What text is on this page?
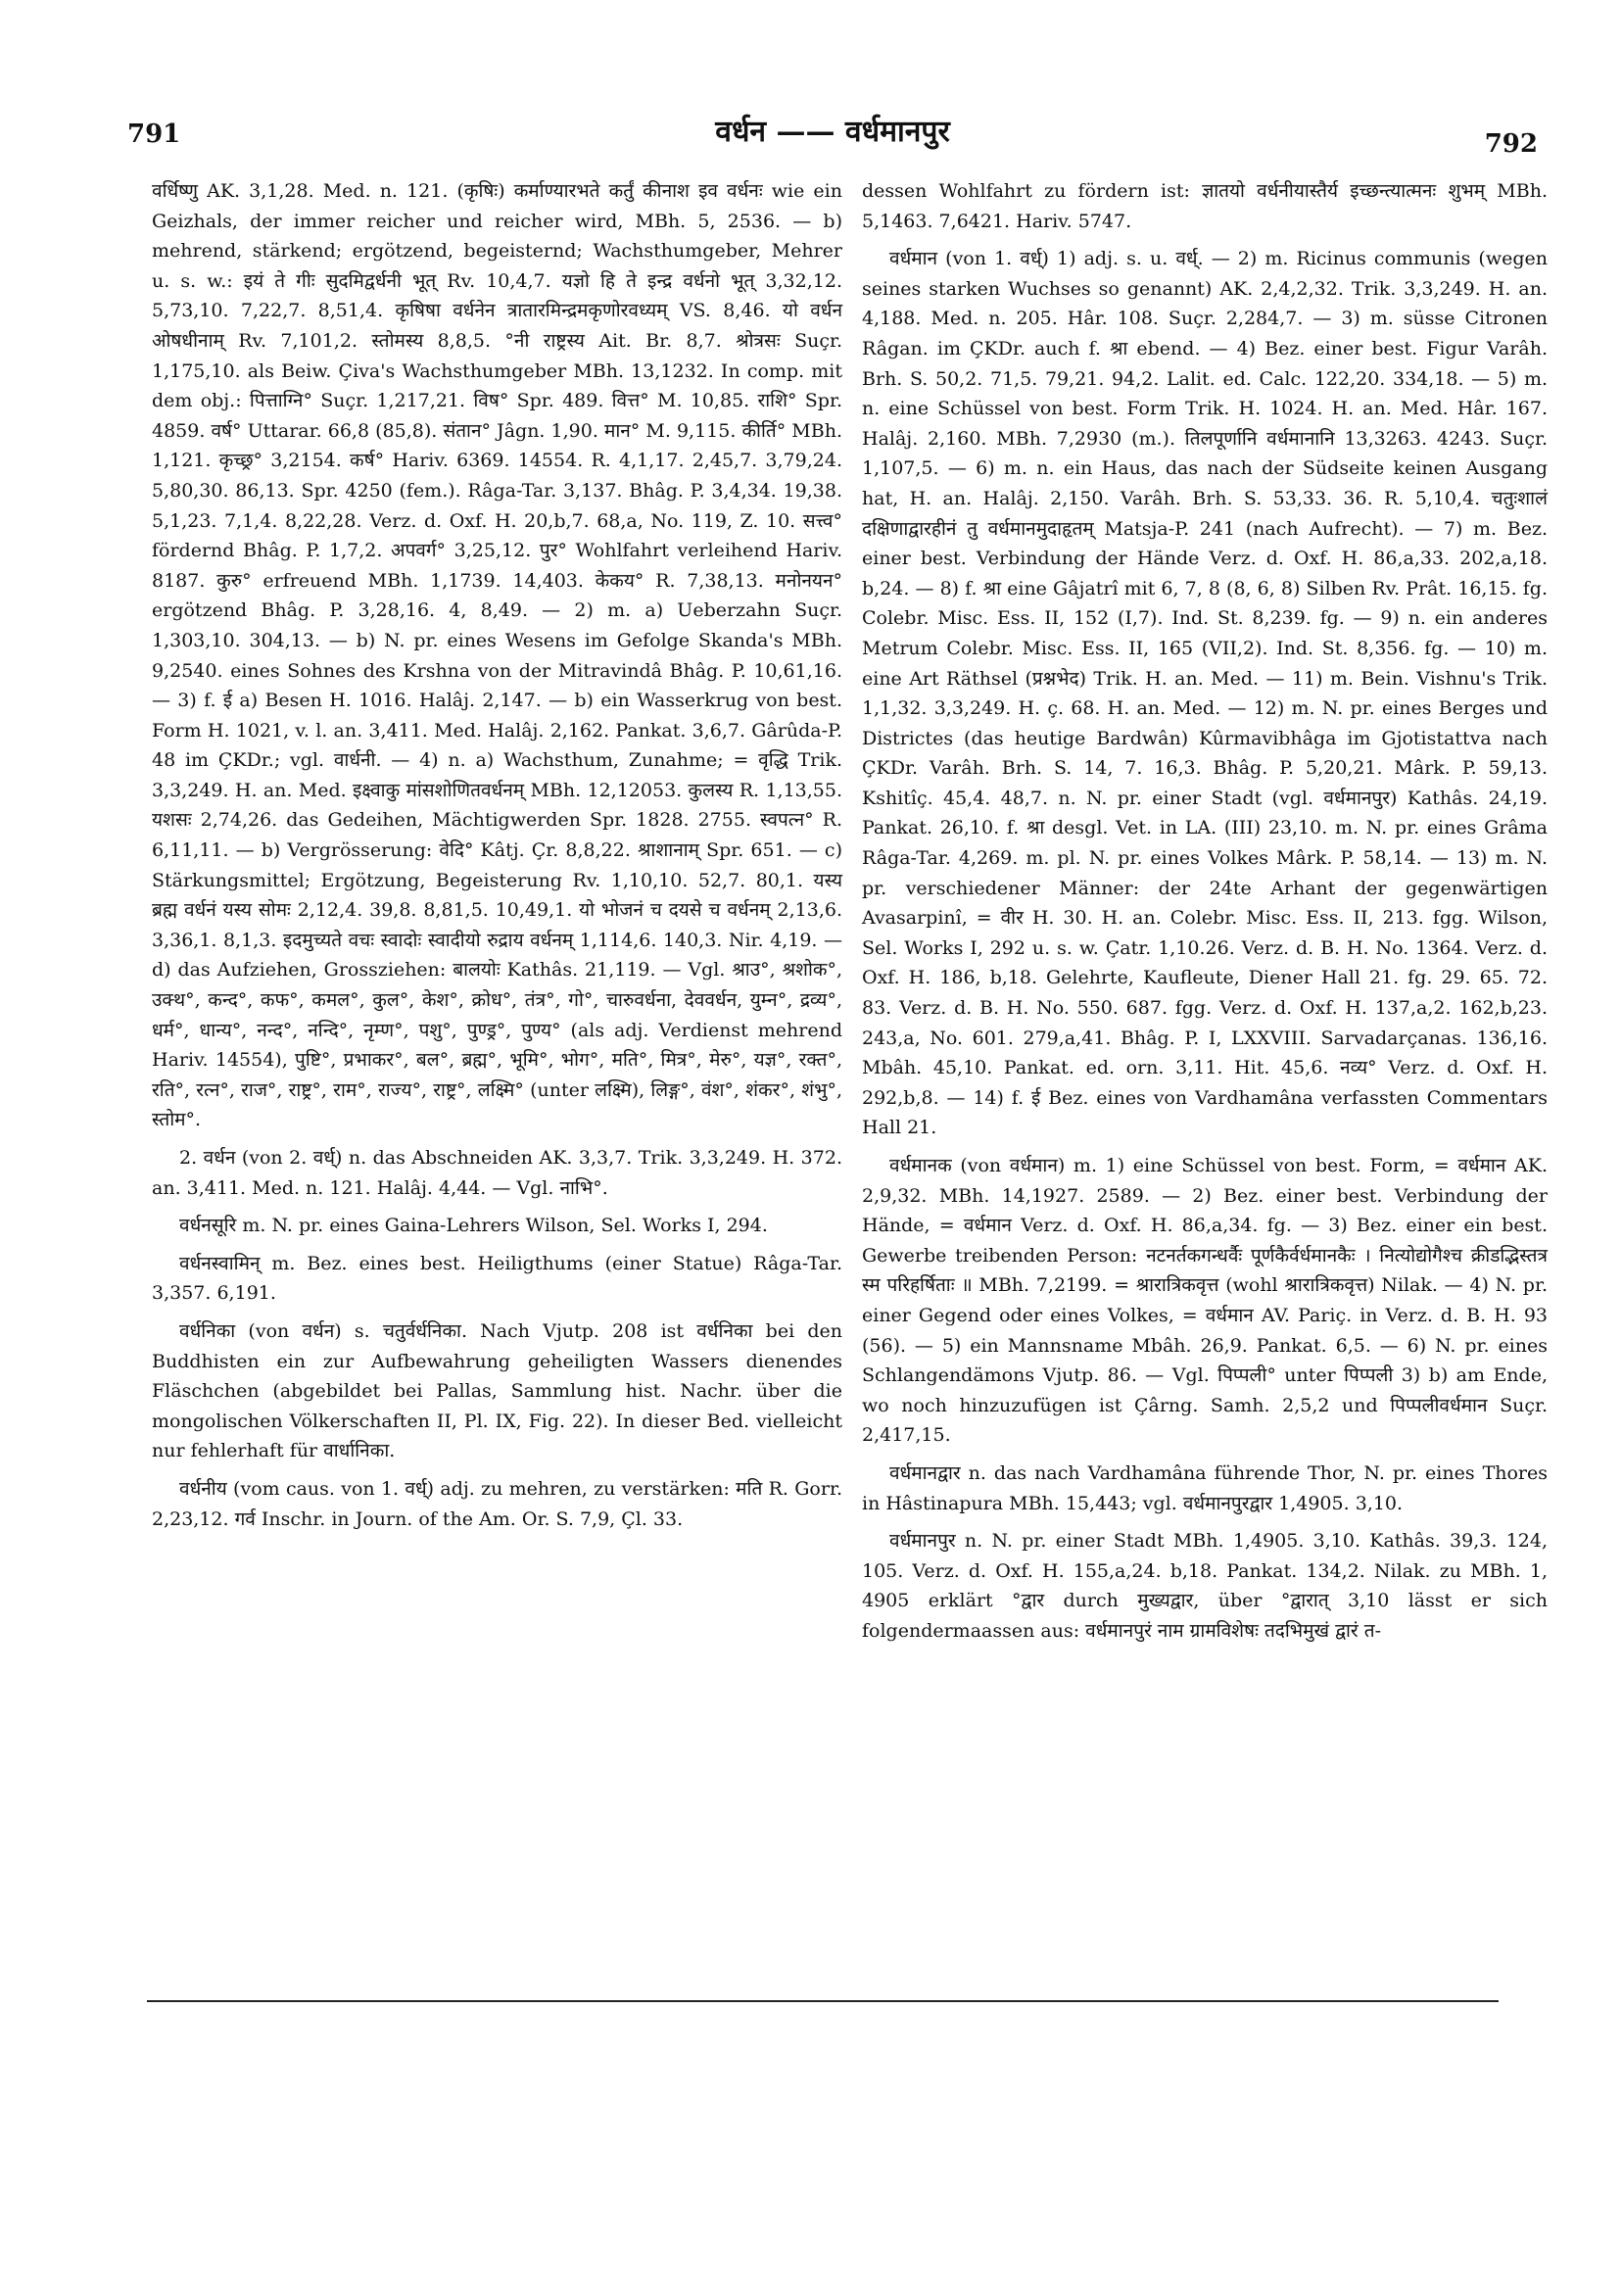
791	वर्धन —— वर्धमानपुर	792

वर्धिष्णु AK. 3,1,28. Med. n. 121. (कृषिः) कर्माण्यारभते कर्तुं कीनाश इव वर्धनः wie ein Geizhals, der immer reicher und reicher wird, MBh. 5, 2536. — b) mehrend, stärkend; ergötzend, begeisternd; Wachsthumgeber, Mehrer u. s. w.: इयं ते गीः सुदमिद्वर्धनी भूत् Rv. 10,4,7. यज्ञो हि ते इन्द्र वर्धनो भूत् 3,32,12. 5,73,10. 7,22,7. 8,51,4. कृषिषा वर्धनेन त्रातारमिन्द्रमकृणोरवध्यम् VS. 8,46. यो वर्धन ओषधीनाम् Rv. 7,101,2. स्तोमस्य 8,8,5. °नी राष्ट्रस्य Ait. Br. 8,7. श्रोत्रसः Suçr. 1,175,10. als Beiw. Çiva's Wachsthumgeber MBh. 13,1232. In comp. mit dem obj.: पित्ताग्नि° Suçr. 1,217,21. विष° Spr. 489. वित्त° M. 10,85. राशि° Spr. 4859. वर्ष° Uttarar. 66,8 (85,8). संतान° Jâgn. 1,90. मान° M. 9,115. कीर्ति° MBh. 1,121. कृच्छ्र° 3,2154. कर्ष° Hariv. 6369. 14554. R. 4,1,17. 2,45,7. 3,79,24. 5,80,30. 86,13. Spr. 4250 (fem.). Râga-Tar. 3,137. Bhâg. P. 3,4,34. 19,38. 5,1,23. 7,1,4. 8,22,28. Verz. d. Oxf. H. 20,b,7. 68,a, No. 119, Z. 10. सत्त्व° fördernd Bhâg. P. 1,7,2. अपवर्ग° 3,25,12. पुर° Wohlfahrt verleihend Hariv. 8187. कुरु° erfreuend MBh. 1,1739. 14,403. केकय° R. 7,38,13. मनोनयन° ergötzend Bhâg. P. 3,28,16. 4, 8,49. — 2) m. a) Ueberzahn Suçr. 1,303,10. 304,13. — b) N. pr. eines Wesens im Gefolge Skanda's MBh. 9,2540. eines Sohnes des Krshna von der Mitravindâ Bhâg. P. 10,61,16. — 3) f. ई a) Besen H. 1016. Halâj. 2,147. — b) ein Wasserkrug von best. Form H. 1021, v. l. an. 3,411. Med. Halâj. 2,162. Pankat. 3,6,7. Gârûda-P. 48 im ÇKDr.; vgl. वार्धनी. — 4) n. a) Wachsthum, Zunahme; = वृद्धि Trik. 3,3,249. H. an. Med. इक्ष्वाकु मांसशोणितवर्धनम् MBh. 12,12053. कुलस्य R. 1,13,55. यशसः 2,74,26. das Gedeihen, Mächtigwerden Spr. 1828. 2755. स्वपत्न° R. 6,11,11. — b) Vergrösserung: वेदि° Kâtj. Çr. 8,8,22. श्राशानाम् Spr. 651. — c) Stärkungsmittel; Ergötzung, Begeisterung Rv. 1,10,10. 52,7. 80,1. यस्य ब्रह्म वर्धनं यस्य सोमः 2,12,4. 39,8. 8,81,5. 10,49,1. यो भोजनं च दयसे च वर्धनम् 2,13,6. 3,36,1. 8,1,3. इदमुच्यते वचः स्वादोः स्वादीयो रुद्राय वर्धनम् 1,114,6. 140,3. Nir. 4,19. — d) das Aufziehen, Grossziehen: बालयोः Kathâs. 21,119. — Vgl. श्राउ°, श्रशोक°, उक्थ°, कन्द°, कफ°, कमल°, कुल°, केश°, क्रोध°, तंत्र°, गो°, चारुवर्धना, देववर्धन, युम्न°, द्रव्य°, धर्म°, धान्य°, नन्द°, नन्दि°, नृम्ण°, पशु°, पुण्ड्र°, पुण्य° (als adj. Verdienst mehrend Hariv. 14554), पुष्टि°, प्रभाकर°, बल°, ब्रह्म°, भूमि°, भोग°, मति°, मित्र°, मेरु°, यज्ञ°, रक्त°, रति°, रत्न°, राज°, राष्ट्र°, राम°, राज्य°, राष्ट्र°, लक्ष्मि° (unter लक्ष्मि), लिङ्ग°, वंश°, शंकर°, शंभु°, स्तोम°.

2. वर्धन (von 2. वर्ध्) n. das Abschneiden AK. 3,3,7. Trik. 3,3,249. H. 372. an. 3,411. Med. n. 121. Halâj. 4,44. — Vgl. नाभि°.

वर्धनसूरि m. N. pr. eines Gaina-Lehrers Wilson, Sel. Works I, 294.

वर्धनस्वामिन् m. Bez. eines best. Heiligthums (einer Statue) Râga-Tar. 3,357. 6,191.

वर्धनिका (von वर्धन) s. चतुर्वर्धनिका. Nach Vjutp. 208 ist वर्धनिका bei den Buddhisten ein zur Aufbewahrung geheiligten Wassers dienendes Fläschchen (abgebildet bei Pallas, Sammlung hist. Nachr. über die mongolischen Völkerschaften II, Pl. IX, Fig. 22). In dieser Bed. vielleicht nur fehlerhaft für वार्धानिका.

वर्धनीय (vom caus. von 1. वर्ध्) adj. zu mehren, zu verstärken: मति R. Gorr. 2,23,12. गर्व Inschr. in Journ. of the Am. Or. S. 7,9, Çl. 33.

dessen Wohlfahrt zu fördern ist: ज्ञातयो वर्धनीयास्तैर्य इच्छन्त्यात्मनः शुभम् MBh. 5,1463. 7,6421. Hariv. 5747.

वर्धमान (von 1. वर्ध्) 1) adj. s. u. वर्ध्. — 2) m. Ricinus communis (wegen seines starken Wuchses so genannt) AK. 2,4,2,32. Trik. 3,3,249. H. an. 4,188. Med. n. 205. Hâr. 108. Suçr. 2,284,7. — 3) m. süsse Citronen Râgan. im ÇKDr. auch f. श्रा ebend. — 4) Bez. einer best. Figur Varâh. Brh. S. 50,2. 71,5. 79,21. 94,2. Lalit. ed. Calc. 122,20. 334,18. — 5) m. n. eine Schüssel von best. Form Trik. H. 1024. H. an. Med. Hâr. 167. Halâj. 2,160. MBh. 7,2930 (m.). तिलपूर्णानि वर्धमानानि 13,3263. 4243. Suçr. 1,107,5. — 6) m. n. ein Haus, das nach der Südseite keinen Ausgang hat, H. an. Halâj. 2,150. Varâh. Brh. S. 53,33. 36. R. 5,10,4. चतुःशालं दक्षिणाद्वारहीनं तु वर्धमानमुदाहृतम् Matsja-P. 241 (nach Aufrecht). — 7) m. Bez. einer best. Verbindung der Hände Verz. d. Oxf. H. 86,a,33. 202,a,18. b,24. — 8) f. श्रा eine Gâjatrî mit 6, 7, 8 (8, 6, 8) Silben Rv. Prât. 16,15. fg. Colebr. Misc. Ess. II, 152 (I,7). Ind. St. 8,239. fg. — 9) n. ein anderes Metrum Colebr. Misc. Ess. II, 165 (VII,2). Ind. St. 8,356. fg. — 10) m. eine Art Räthsel (प्रश्नभेद) Trik. H. an. Med. — 11) m. Bein. Vishnu's Trik. 1,1,32. 3,3,249. H. ç. 68. H. an. Med. — 12) m. N. pr. eines Berges und Districtes (das heutige Bardwân) Kûrmavibhâga im Gjotistattva nach ÇKDr. Varâh. Brh. S. 14, 7. 16,3. Bhâg. P. 5,20,21. Mârk. P. 59,13. Kshitîç. 45,4. 48,7. n. N. pr. einer Stadt (vgl. वर्धमानपुर) Kathâs. 24,19. Pankat. 26,10. f. श्रा desgl. Vet. in LA. (III) 23,10. m. N. pr. eines Grâma Râga-Tar. 4,269. m. pl. N. pr. eines Volkes Mârk. P. 58,14. — 13) m. N. pr. verschiedener Männer: der 24te Arhant der gegenwärtigen Avasarpinî, = वीर H. 30. H. an. Colebr. Misc. Ess. II, 213. fgg. Wilson, Sel. Works I, 292 u. s. w. Çatr. 1,10.26. Verz. d. B. H. No. 1364. Verz. d. Oxf. H. 186, b,18. Gelehrte, Kaufleute, Diener Hall 21. fg. 29. 65. 72. 83. Verz. d. B. H. No. 550. 687. fgg. Verz. d. Oxf. H. 137,a,2. 162,b,23. 243,a, No. 601. 279,a,41. Bhâg. P. I, LXXVIII. Sarvadarçanas. 136,16. Mbâh. 45,10. Pankat. ed. orn. 3,11. Hit. 45,6. नव्य° Verz. d. Oxf. H. 292,b,8. — 14) f. ई Bez. eines von Vardhamâna verfassten Commentars Hall 21.

वर्धमानक (von वर्धमान) m. 1) eine Schüssel von best. Form, = वर्धमान AK. 2,9,32. MBh. 14,1927. 2589. — 2) Bez. einer best. Verbindung der Hände, = वर्धमान Verz. d. Oxf. H. 86,a,34. fg. — 3) Bez. einer ein best. Gewerbe treibenden Person: नटनर्तकगन्धर्वैः पूर्णकैर्वर्धमानकैः । नित्योद्योगैश्च क्रीडद्भिस्तत्र स्म परिहर्षिताः ॥ MBh. 7,2199. = श्रारात्रिकवृत्त (wohl श्रारात्रिकवृत्त) Nilak. — 4) N. pr. einer Gegend oder eines Volkes, = वर्धमान AV. Pariç. in Verz. d. B. H. 93 (56). — 5) ein Mannsname Mbâh. 26,9. Pankat. 6,5. — 6) N. pr. eines Schlangendämons Vjutp. 86. — Vgl. पिप्पली° unter पिप्पली 3) b) am Ende, wo noch hinzuzufügen ist Çârng. Samh. 2,5,2 und पिप्पलीवर्धमान Suçr. 2,417,15.

वर्धमानद्वार n. das nach Vardhamâna führende Thor, N. pr. eines Thores in Hâstinapura MBh. 15,443; vgl. वर्धमानपुरद्वार 1,4905. 3,10.

वर्धमानपुर n. N. pr. einer Stadt MBh. 1,4905. 3,10. Kathâs. 39,3. 124, 105. Verz. d. Oxf. H. 155,a,24. b,18. Pankat. 134,2. Nilak. zu MBh. 1, 4905 erklärt °द्वार durch मुख्यद्वार, über °द्वारात् 3,10 lässt er sich folgendermaassen aus: वर्धमानपुरं नाम ग्रामविशेषः तदभिमुखं द्वारं त-
